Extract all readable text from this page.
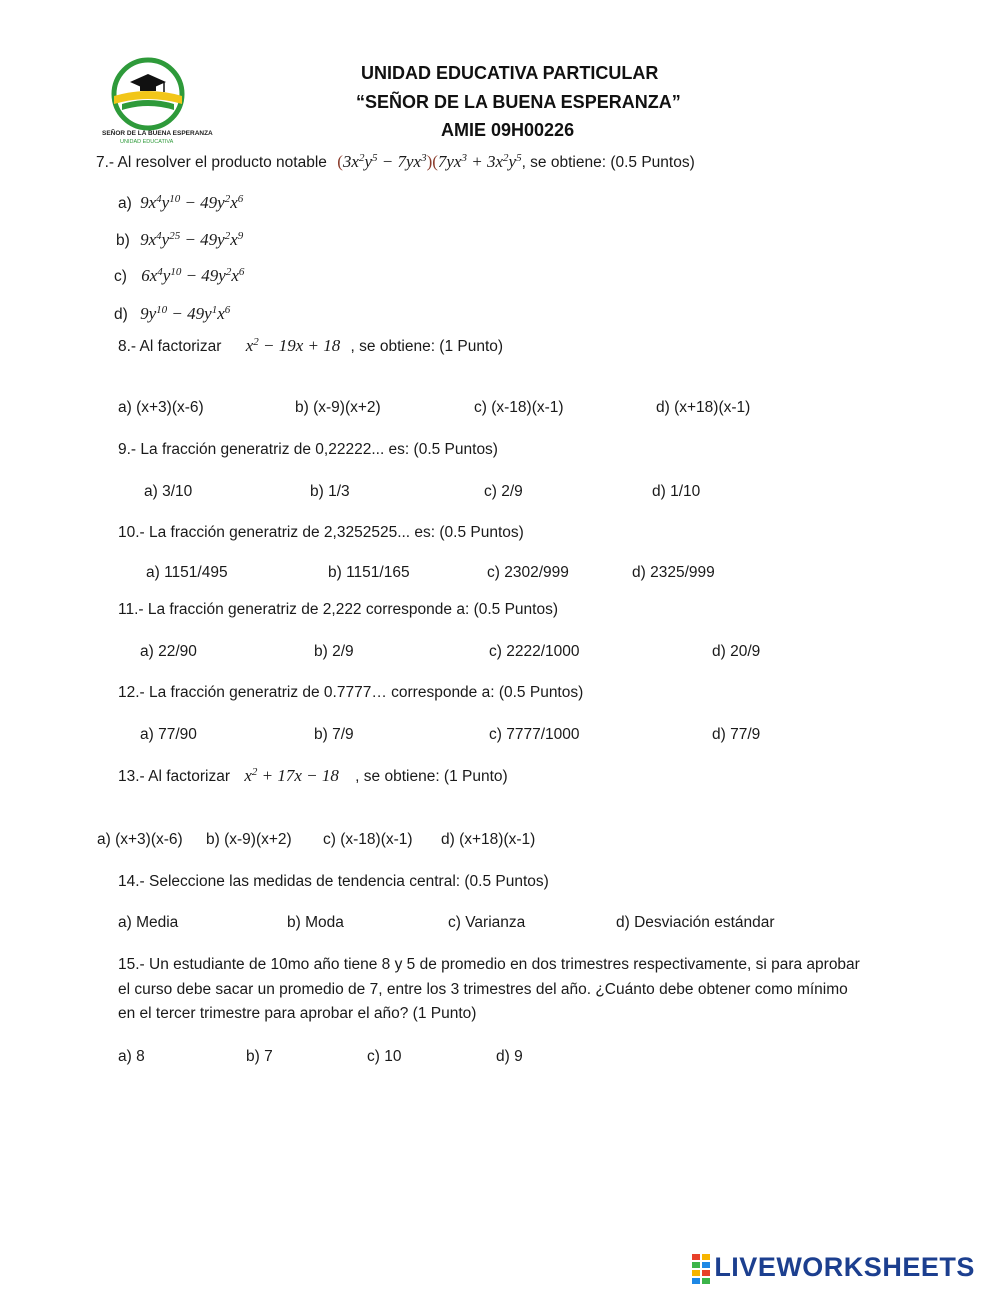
SEÑOR DE LA BUENA ESPERANZA
UNIDAD EDUCATIVA
UNIDAD EDUCATIVA PARTICULAR
“SEÑOR DE LA BUENA ESPERANZA”
AMIE 09H00226
7.- Al resolver el producto notable $(3x^2y^5 - 7yx^3)(7yx^3 + 3x^2y^5$, se obtiene: (0.5 Puntos)
a) $9x^4y^{10} - 49y^2x^6$
b) $9x^4y^{25} - 49y^2x^9$
c) $6x^4y^{10} - 49y^2x^6$
d) $9y^{10} - 49y^1x^6$
8.- Al factorizar $x^2 - 19x + 18$ , se obtiene: (1 Punto)
a) (x+3)(x-6)	b) (x-9)(x+2)	c) (x-18)(x-1)	d) (x+18)(x-1)
9.- La fracción generatriz de 0,22222... es: (0.5 Puntos)
a) 3/10	b) 1/3	c) 2/9	d) 1/10
10.- La fracción generatriz de 2,3252525... es: (0.5 Puntos)
a) 1151/495	b) 1151/165	c) 2302/999	d) 2325/999
11.- La fracción generatriz de 2,222 corresponde a: (0.5 Puntos)
a) 22/90	b) 2/9	c) 2222/1000	d) 20/9
12.- La fracción generatriz de 0.7777… corresponde a: (0.5 Puntos)
a) 77/90	b) 7/9	c) 7777/1000	d) 77/9
13.- Al factorizar $x^2 + 17x - 18$ , se obtiene: (1 Punto)
a) (x+3)(x-6) b) (x-9)(x+2) c) (x-18)(x-1) d) (x+18)(x-1)
14.- Seleccione las medidas de tendencia central: (0.5 Puntos)
a) Media	b) Moda	c) Varianza	d) Desviación estándar
15.- Un estudiante de 10mo año tiene 8 y 5 de promedio en dos trimestres respectivamente, si para aprobar el curso debe sacar un promedio de 7, entre los 3 trimestres del año. ¿Cuánto debe obtener como mínimo en el tercer trimestre para aprobar el año? (1 Punto)
a) 8	b) 7	c) 10	d) 9
LIVEWORKSHEETS
